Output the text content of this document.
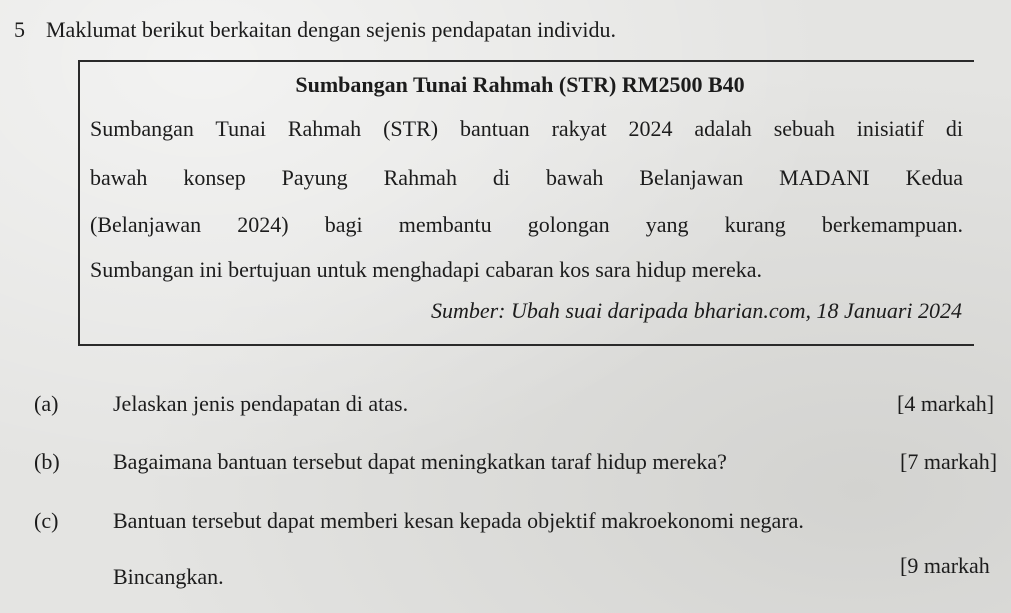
5 Maklumat berikut berkaitan dengan sejenis pendapatan individu.
Sumbangan Tunai Rahmah (STR) RM2500 B40
Sumbangan Tunai Rahmah (STR) bantuan rakyat 2024 adalah sebuah inisiatif di
bawah konsep Payung Rahmah di bawah Belanjawan MADANI Kedua
(Belanjawan 2024) bagi membantu golongan yang kurang berkemampuan.
Sumbangan ini bertujuan untuk menghadapi cabaran kos sara hidup mereka.
Sumber: Ubah suai daripada bharian.com, 18 Januari 2024
(a) Jelaskan jenis pendapatan di atas.	[4 markah]
(b) Bagaimana bantuan tersebut dapat meningkatkan taraf hidup mereka?	[7 markah]
(c) Bantuan tersebut dapat memberi kesan kepada objektif makroekonomi negara.
Bincangkan.	[9 markah
